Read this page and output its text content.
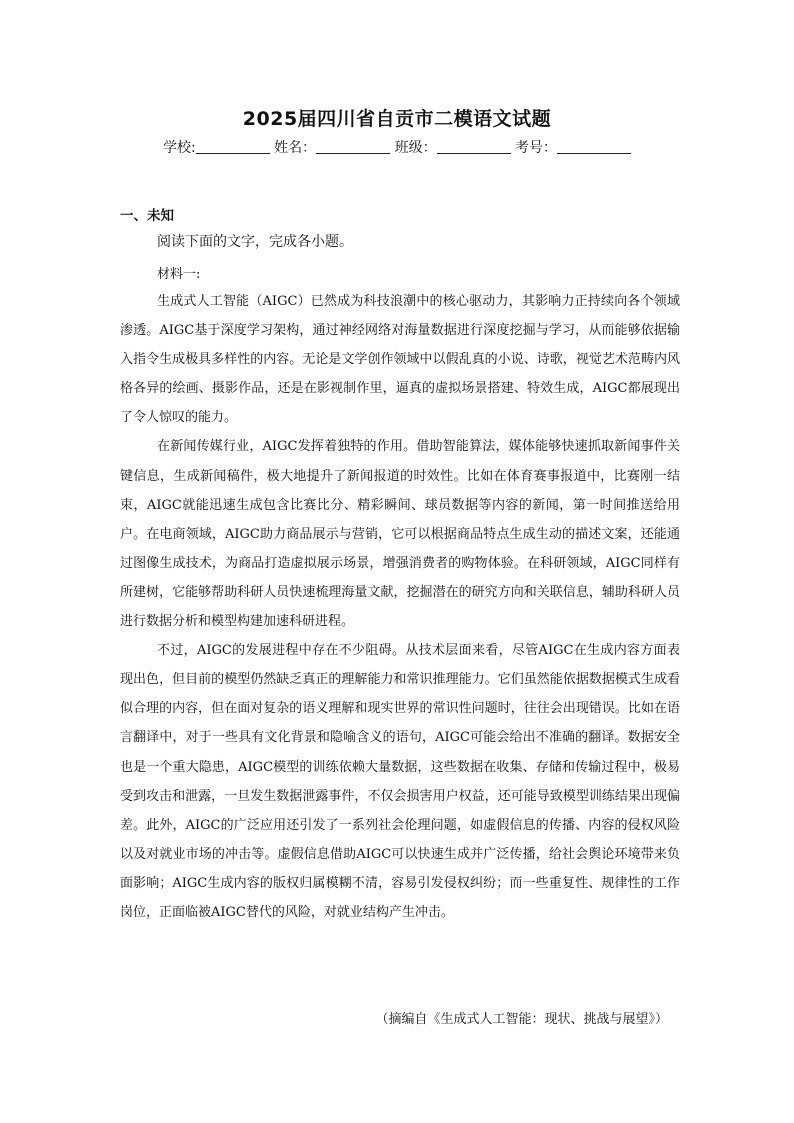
2025届四川省自贡市二模语文试题
学校:	姓名：	班级：	考号：
一、未知
阅读下面的文字，完成各小题。
材料一:

生成式人工智能（AIGC）已然成为科技浪潮中的核心驱动力，其影响力正持续向各个领域渗透。AIGC基于深度学习架构，通过神经网络对海量数据进行深度挖掘与学习，从而能够依据输入指令生成极具多样性的内容。无论是文学创作领域中以假乱真的小说、诗歌，视觉艺术范畴内风格各异的绘画、摄影作品，还是在影视制作里，逼真的虚拟场景搭建、特效生成，AIGC都展现出了令人惊叹的能力。

在新闻传媒行业，AIGC发挥着独特的作用。借助智能算法，媒体能够快速抓取新闻事件关键信息，生成新闻稿件，极大地提升了新闻报道的时效性。比如在体育赛事报道中，比赛刚一结束，AIGC就能迅速生成包含比赛比分、精彩瞬间、球员数据等内容的新闻，第一时间推送给用户。在电商领域，AIGC助力商品展示与营销，它可以根据商品特点生成生动的描述文案，还能通过图像生成技术，为商品打造虚拟展示场景，增强消费者的购物体验。在科研领域，AIGC同样有所建树，它能够帮助科研人员快速梳理海量文献，挖掘潜在的研究方向和关联信息，辅助科研人员进行数据分析和模型构建加速科研进程。

不过，AIGC的发展进程中存在不少阻碍。从技术层面来看，尽管AIGC在生成内容方面表现出色，但目前的模型仍然缺乏真正的理解能力和常识推理能力。它们虽然能依据数据模式生成看似合理的内容，但在面对复杂的语义理解和现实世界的常识性问题时，往往会出现错误。比如在语言翻译中，对于一些具有文化背景和隐喻含义的语句，AIGC可能会给出不准确的翻译。数据安全也是一个重大隐患，AIGC模型的训练依赖大量数据，这些数据在收集、存储和传输过程中，极易受到攻击和泄露，一旦发生数据泄露事件，不仅会损害用户权益，还可能导致模型训练结果出现偏差。此外，AIGC的广泛应用还引发了一系列社会伦理问题，如虚假信息的传播、内容的侵权风险以及对就业市场的冲击等。虚假信息借助AIGC可以快速生成并广泛传播，给社会舆论环境带来负面影响；AIGC生成内容的版权归属模糊不清，容易引发侵权纠纷；而一些重复性、规律性的工作岗位，正面临被AIGC替代的风险，对就业结构产生冲击。

（摘编自《生成式人工智能：现状、挑战与展望》）
